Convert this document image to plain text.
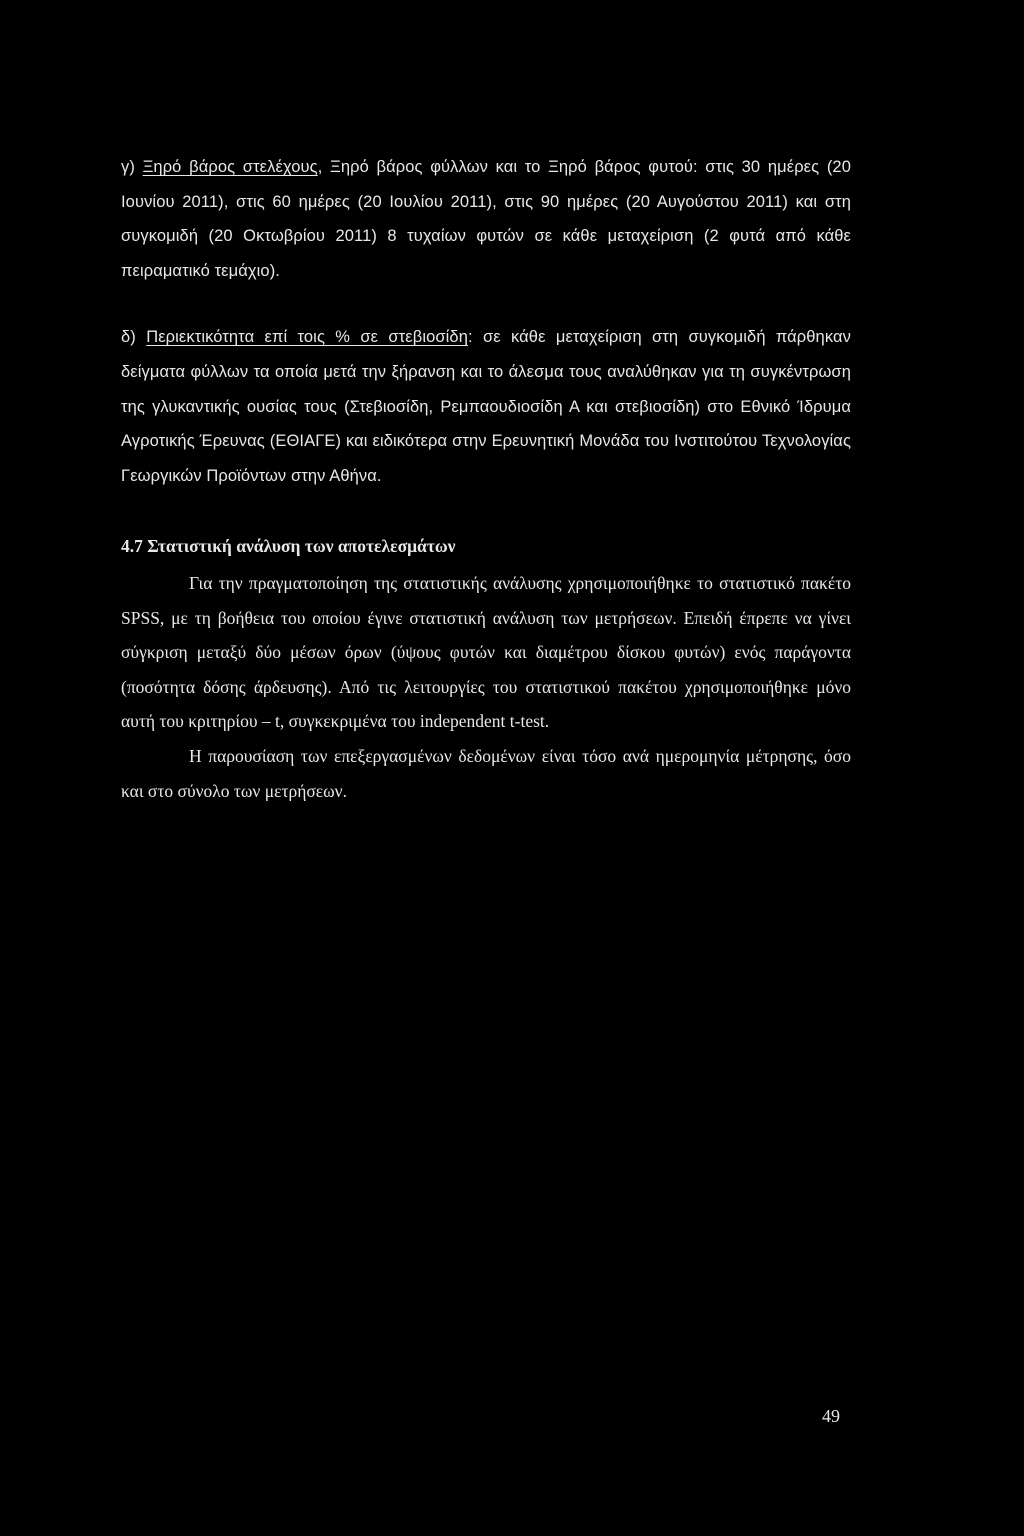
γ) Ξηρό βάρος στελέχους, Ξηρό βάρος φύλλων και το Ξηρό βάρος φυτού: στις 30 ημέρες (20 Ιουνίου 2011), στις 60 ημέρες (20 Ιουλίου 2011), στις 90 ημέρες (20 Αυγούστου 2011) και στη συγκομιδή (20 Οκτωβρίου 2011) 8 τυχαίων φυτών σε κάθε μεταχείριση (2 φυτά από κάθε πειραματικό τεμάχιο).

δ) Περιεκτικότητα επί τοις % σε στεβιοσίδη: σε κάθε μεταχείριση στη συγκομιδή πάρθηκαν δείγματα φύλλων τα οποία μετά την ξήρανση και το άλεσμα τους αναλύθηκαν για τη συγκέντρωση της γλυκαντικής ουσίας τους (Στεβιοσίδη, Ρεμπαουδιοσίδη Α και στεβιοσίδη) στο Εθνικό Ίδρυμα Αγροτικής Έρευνας (ΕΘΙΑΓΕ) και ειδικότερα στην Ερευνητική Μονάδα του Ινστιτούτου Τεχνολογίας Γεωργικών Προϊόντων στην Αθήνα.

4.7 Στατιστική ανάλυση των αποτελεσμάτων

Για την πραγματοποίηση της στατιστικής ανάλυσης χρησιμοποιήθηκε το στατιστικό πακέτο SPSS, με τη βοήθεια του οποίου έγινε στατιστική ανάλυση των μετρήσεων. Επειδή έπρεπε να γίνει σύγκριση μεταξύ δύο μέσων όρων (ύψους φυτών και διαμέτρου δίσκου φυτών) ενός παράγοντα (ποσότητα δόσης άρδευσης). Από τις λειτουργίες του στατιστικού πακέτου χρησιμοποιήθηκε μόνο αυτή του κριτηρίου – t, συγκεκριμένα του independent t-test.

Η παρουσίαση των επεξεργασμένων δεδομένων είναι τόσο ανά ημερομηνία μέτρησης, όσο και στο σύνολο των μετρήσεων.

49
